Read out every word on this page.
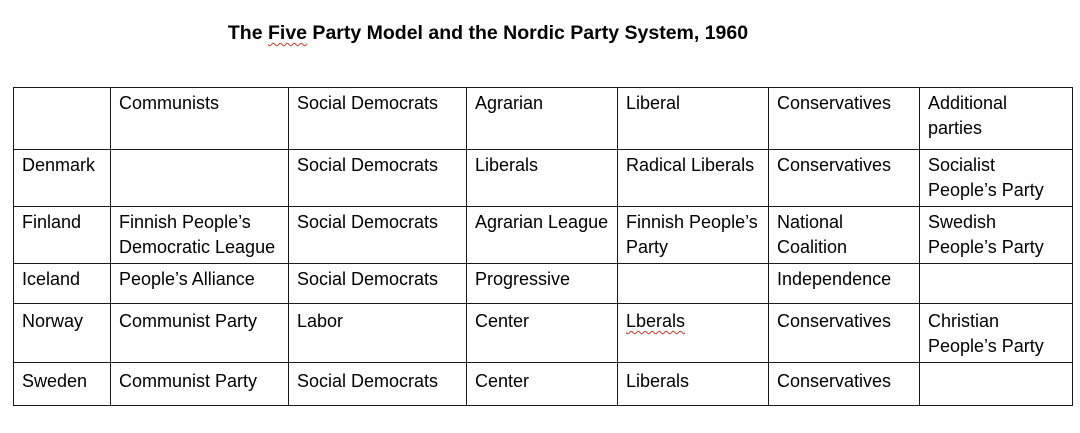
The Five Party Model and the Nordic Party System, 1960
	Communists	Social Democrats	Agrarian	Liberal	Conservatives	Additional parties
Denmark		Social Democrats	Liberals	Radical Liberals	Conservatives	Socialist People’s Party
Finland	Finnish People’s Democratic League	Social Democrats	Agrarian League	Finnish People’s Party	National Coalition	Swedish People’s Party
Iceland	People’s Alliance	Social Democrats	Progressive		Independence	
Norway	Communist Party	Labor	Center	Lberals	Conservatives	Christian People’s Party
Sweden	Communist Party	Social Democrats	Center	Liberals	Conservatives	
